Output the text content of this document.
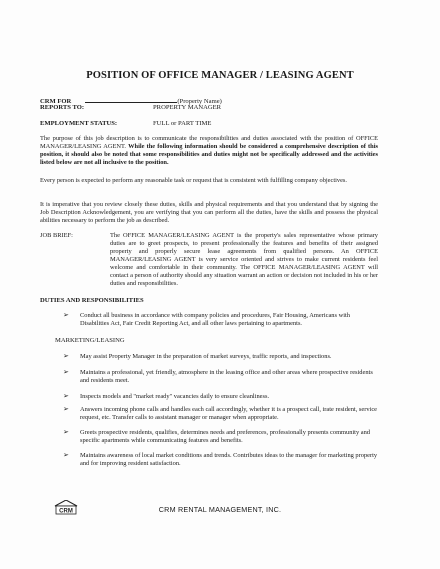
POSITION OF OFFICE MANAGER / LEASING AGENT
CRM FOR	(Property Name)
REPORTS TO:	PROPERTY MANAGER
EMPLOYMENT STATUS:	FULL or PART TIME
The purpose of this job description is to communicate the responsibilities and duties associated with the position of OFFICE MANAGER/LEASING AGENT. While the following information should be considered a comprehensive description of this position, it should also be noted that some responsibilities and duties might not be specifically addressed and the activities listed below are not all inclusive to the position.
Every person is expected to perform any reasonable task or request that is consistent with fulfilling company objectives.
It is imperative that you review closely these duties, skills and physical requirements and that you understand that by signing the Job Description Acknowledgement, you are verifying that you can perform all the duties, have the skills and possess the physical abilities necessary to perform the job as described.
JOB BRIEF:	The OFFICE MANAGER/LEASING AGENT is the property's sales representative whose primary duties are to greet prospects, to present professionally the features and benefits of their assigned property and properly secure lease agreements from qualified persons. An OFFICE MANAGER/LEASING AGENT is very service oriented and strives to make current residents feel welcome and comfortable in their community. The OFFICE MANAGER/LEASING AGENT will contact a person of authority should any situation warrant an action or decision not included in his or her duties and responsibilities.
DUTIES AND RESPONSIBILITIES
➢ Conduct all business in accordance with company policies and procedures, Fair Housing, Americans with Disabilities Act, Fair Credit Reporting Act, and all other laws pertaining to apartments.
MARKETING/LEASING
➢ May assist Property Manager in the preparation of market surveys, traffic reports, and inspections.
➢ Maintains a professional, yet friendly, atmosphere in the leasing office and other areas where prospective residents and residents meet.
➢ Inspects models and "market ready" vacancies daily to ensure cleanliness.
➢ Answers incoming phone calls and handles each call accordingly, whether it is a prospect call, irate resident, service request, etc. Transfer calls to assistant manager or manager when appropriate.
➢ Greets prospective residents, qualifies, determines needs and preferences, professionally presents community and specific apartments while communicating features and benefits.
➢ Maintains awareness of local market conditions and trends. Contributes ideas to the manager for marketing property and for improving resident satisfaction.
CRM	CRM RENTAL MANAGEMENT, INC.
